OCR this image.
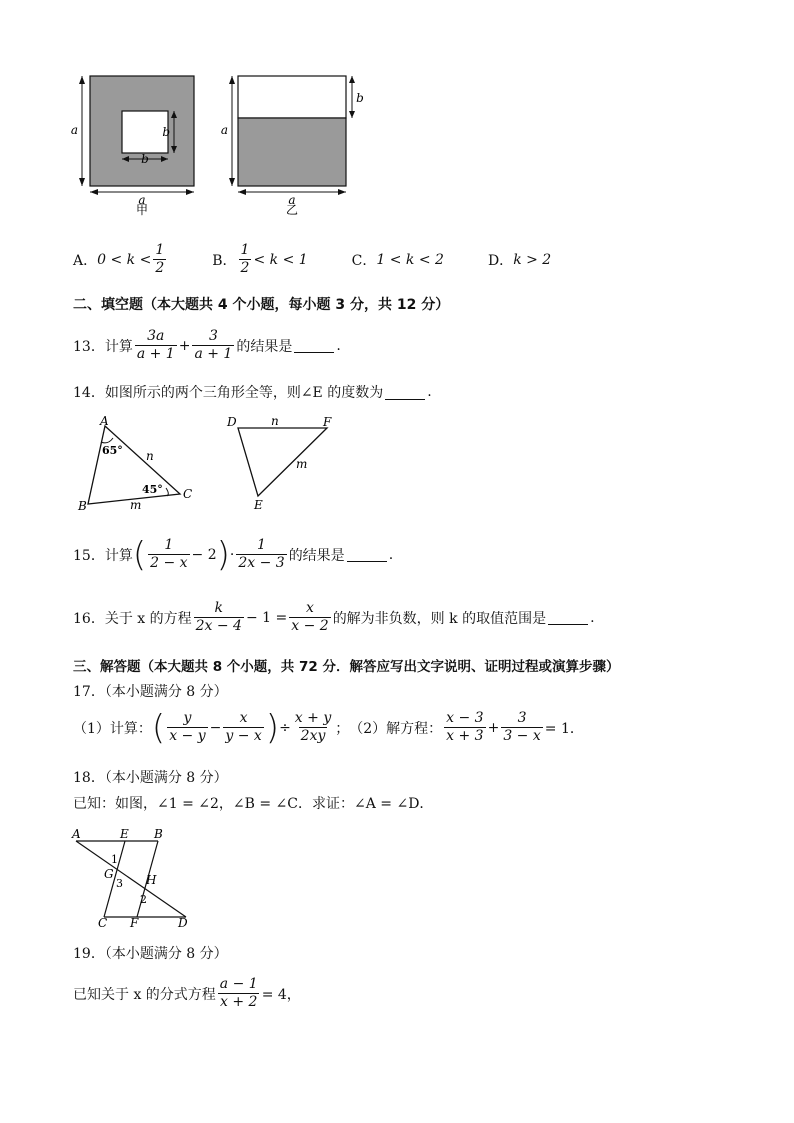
a
a
b
b
甲
a
a
b
乙
A． $0 < k < \frac{1}{2}$	B． $\frac{1}{2} < k < 1$	C． 1 < k < 2	D． k > 2
二、填空题（本大题共 4 个小题，每小题 3 分，共 12 分）
13．计算 $\frac{3a}{a + 1} + \frac{3}{a + 1}$ 的结果是	.
14．如图所示的两个三角形全等，则∠E 的度数为	.
A
B
C
65°
45°
n
m
D	F
E
n
m
15．计算 ( $\frac{1}{2 - x} - 2$ ) · $\frac{1}{2x - 3}$ 的结果是	.
16．关于 x 的方程 $\frac{k}{2x - 4} - 1 = \frac{x}{x - 2}$ 的解为非负数，则 k 的取值范围是	.
三、解答题（本大题共 8 个小题，共 72 分．解答应写出文字说明、证明过程或演算步骤）
17．（本小题满分 8 分）
（1）计算： ( $\frac{y}{x - y} - \frac{x}{y - x}$ ) ÷ $\frac{x + y}{2xy}$ ； （2）解方程： $\frac{x - 3}{x + 3} + \frac{3}{3 - x} = 1$．
18．（本小题满分 8 分）
已知：如图，∠1 = ∠2，∠B = ∠C．求证：∠A = ∠D．
A	E B
G	H
C F	D
1
2
3
19．（本小题满分 8 分）
已知关于 x 的分式方程 $\frac{a - 1}{x + 2} = 4$，
